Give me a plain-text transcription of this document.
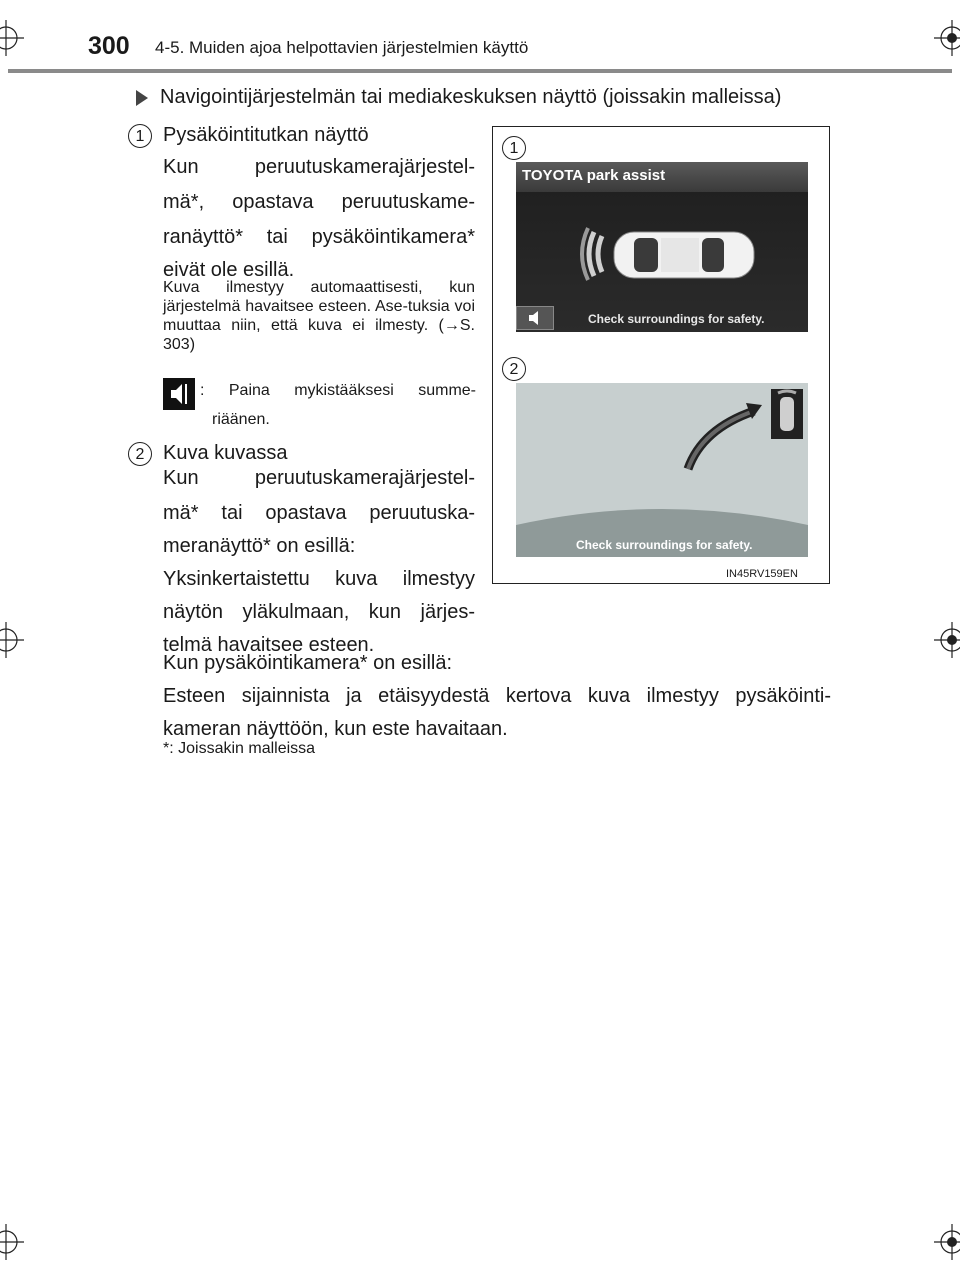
300 4-5. Muiden ajoa helpottavien järjestelmien käyttö
Navigointijärjestelmän tai mediakeskuksen näyttö (joissakin malleissa)
1 Pysäköintitutkan näyttö
Kun peruutuskamerajärjestel-
mä*, opastava peruutuskame-
ranäyttö* tai pysäköintikamera*
eivät ole esillä.
Kuva ilmestyy automaattisesti, kun järjestelmä havaitsee esteen. Ase-tuksia voi muuttaa niin, että kuva ei ilmesty. (→S. 303)
: Paina mykistääksesi summe-
riäänen.
2 Kuva kuvassa
Kun peruutuskamerajärjestel-
mä* tai opastava peruutuska-
meranäyttö* on esillä:
Yksinkertaistettu kuva ilmestyy
näytön yläkulmaan, kun järjes-
telmä havaitsee esteen.
Kun pysäköintikamera* on esillä:
Esteen sijainnista ja etäisyydestä kertova kuva ilmestyy pysäköinti-
kameran näyttöön, kun este havaitaan.
*: Joissakin malleissa
1
TOYOTA park assist
Check surroundings for safety.
2
Check surroundings for safety.
IN45RV159EN
